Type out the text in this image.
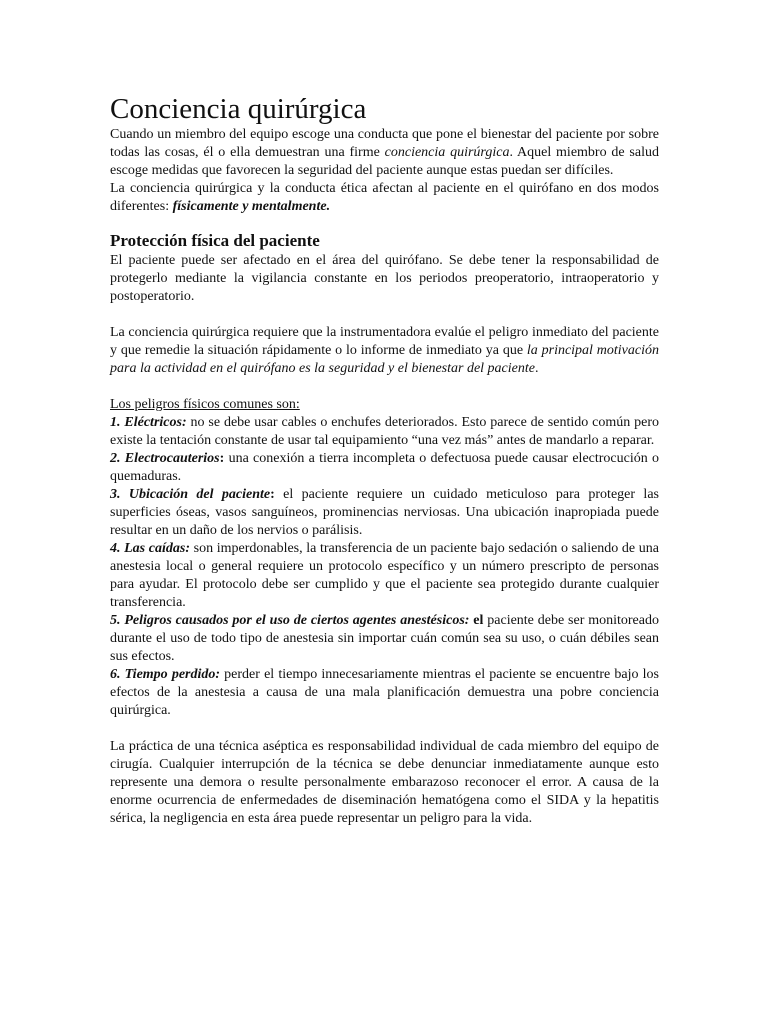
Conciencia quirúrgica

Cuando un miembro del equipo escoge una conducta que pone el bienestar del paciente por sobre todas las cosas, él o ella demuestran una firme conciencia quirúrgica. Aquel miembro de salud escoge medidas que favorecen la seguridad del paciente aunque estas puedan ser difíciles.

La conciencia quirúrgica y la conducta ética afectan al paciente en el quirófano en dos modos diferentes: físicamente y mentalmente.

Protección física del paciente

El paciente puede ser afectado en el área del quirófano. Se debe tener la responsabilidad de protegerlo mediante la vigilancia constante en los periodos preoperatorio, intraoperatorio y postoperatorio.

La conciencia quirúrgica requiere que la instrumentadora evalúe el peligro inmediato del paciente y que remedie la situación rápidamente o lo informe de inmediato ya que la principal motivación para la actividad en el quirófano es la seguridad y el bienestar del paciente.

Los peligros físicos comunes son:

1. Eléctricos: no se debe usar cables o enchufes deteriorados. Esto parece de sentido común pero existe la tentación constante de usar tal equipamiento “una vez más” antes de mandarlo a reparar.

2. Electrocauterios: una conexión a tierra incompleta o defectuosa puede causar electrocución o quemaduras.

3. Ubicación del paciente: el paciente requiere un cuidado meticuloso para proteger las superficies óseas, vasos sanguíneos, prominencias nerviosas. Una ubicación inapropiada puede resultar en un daño de los nervios o parálisis.

4. Las caídas: son imperdonables, la transferencia de un paciente bajo sedación o saliendo de una anestesia local o general requiere un protocolo específico y un número prescripto de personas para ayudar. El protocolo debe ser cumplido y que el paciente sea protegido durante cualquier transferencia.

5. Peligros causados por el uso de ciertos agentes anestésicos: el paciente debe ser monitoreado durante el uso de todo tipo de anestesia sin importar cuán común sea su uso, o cuán débiles sean sus efectos.

6. Tiempo perdido: perder el tiempo innecesariamente mientras el paciente se encuentre bajo los efectos de la anestesia a causa de una mala planificación demuestra una pobre conciencia quirúrgica.

La práctica de una técnica aséptica es responsabilidad individual de cada miembro del equipo de cirugía. Cualquier interrupción de la técnica se debe denunciar inmediatamente aunque esto represente una demora o resulte personalmente embarazoso reconocer el error. A causa de la enorme ocurrencia de enfermedades de diseminación hematógena como el SIDA y la hepatitis sérica, la negligencia en esta área puede representar un peligro para la vida.
